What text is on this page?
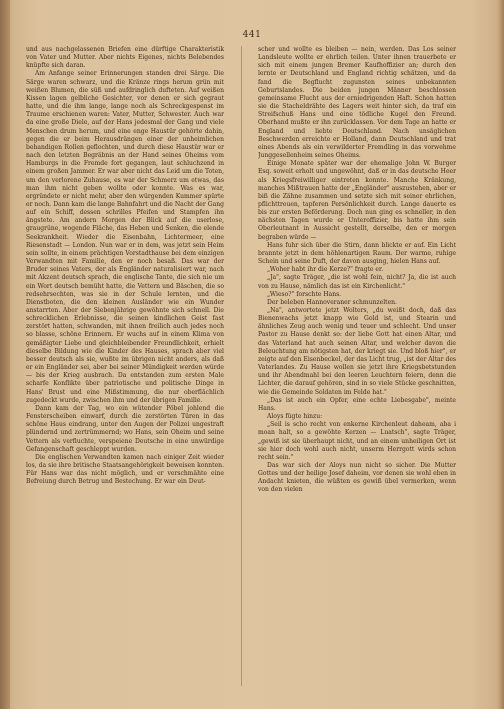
441

und aus nachgelassenen Briefen eine dürftige Charakteristik von Vater und Mutter. Aber nichts Eigenes, nichts Belebendes knüpfte sich daran.

Am Anfange seiner Erinnerungen standen drei Särge. Die Särge waren schwarz, und die Kränze rings herum grün mit weißen Blumen, die süß und aufdringlich dufteten. Auf weißen Kissen lagen gelbliche Gesichter, vor denen er sich gegraut hatte, und die ihm lange, lange noch als Schreckgespenst im Traume erschienen waren: Vater, Mutter, Schwester. Auch war da eine große Diele, auf der Hans jedesmal der Gang und viele Menschen drum herum, und eine enge Haustür gehörte dahin, gegen die er beim Herausdrängen einer der unheimlichen behandigen Rollen geflochten, und durch diese Haustür war er nach den letzten Begräbnis an der Hand seines Oheims vom Hamburgs in die Fremde fort gegangen, laut schluchzend in einem großen Jammer. Er war aber nicht das Leid um die Toten, um den verlorene Zuhause, es war der Schmerz um etwas, das man ihm nicht geben wollte oder konnte. Was es war, ergründete er nicht mehr, aber den würgenden Kummer spürte er noch. Dann kam die lange Bahnfahrt und die Nacht der Gang auf ein Schiff, dessen schrilles Pfeifen und Stampfen ihn ängstete. Am andern Morgen der Blick auf die userlose, graugrüne, wogende Fläche, das Heben und Senken, die elende Seekrankheit. Wieder die Eisenbahn, Lichtermeer, eine Riesenstadt — London. Nun war er in dem, was jetzt sein Heim sein sollte, in einem prächtigen Vorstadthause bei dem einzigen Verwandten mit Familie, den er noch besaß. Das war der Bruder seines Vaters, der als Engländer naturalisiert war, nach mit Akzent deutsch sprach, die englische Tante, die sich nie um ein Wort deutsch bemüht hatte, die Vettern und Bäschen, die so redsehrsechten, was sie in der Schule lernten, und die Dienstboten, die den kleinen Ausländer wie ein Wunder anstarrten. Aber der Siebenjährige gewöhnte sich schnell. Die schrecklichen Erlebnisse, die seinen kindlichen Geist fast zerstört hatten, schwanden, mit ihnen freilich auch jedes noch so blasse, schöne Erinnern. Er wuchs auf in einem Klima von gemäßigter Liebe und gleichbleibender Freundlichkeit, erhielt dieselbe Bildung wie die Kinder des Hauses, sprach aber viel besser deutsch als sie, wußte im übrigen nicht anders, als daß er ein Engländer sei, aber bei seiner Mündigkeit werden würde — bis der Krieg ausbrach. Da entstanden zum ersten Male scharfe Konflikte über patriotische und politische Dinge in Hans' Brust und eine Mißstimmung, die nur oberflächlich zugedeckt wurde, zwischen ihm und der übrigen Familie.

Dann kam der Tag, wo ein wütender Pöbel johlend die Fensterscheiben einwarf, durch die zerstörten Türen in das schöne Haus eindrang, unter den Augen der Polizei ungestraft plündernd und zertrümmernd; wo Hans, sein Oheim und seine Vettern als verfluchte, verspeiene Deutsche in eine unwürdige Gefangenschaft geschleppt wurden.

Die englischen Verwandten kamen nach einiger Zeit wieder los, da sie ihre britische Staatsangehörigkeit beweisen konnten. Für Hans war das nicht möglich, und er verschmähte eine Befreiung durch Betrug und Bestechung. Er war ein Deut-

scher und wollte es bleiben — nein, werden. Das Los seiner Landsleute wollte er ehrlich teilen. Unter ihnen trauerbete er sich mit einem jungen Bremer Kaufhoffizier an; durch den lernte er Deutschland und England richtig schätzen, und da fand die Begflucht zugunsten seines unbekannten Geburtslandes. Die beiden jungen Männer beschlossen gemeinsame Flucht aus der erniedrigenden Haft. Schon hatten sie die Stacheldrähte des Lagers weit hinter sich, da traf ein Streifschuß Hans und eine tödliche Kugel den Freund. Oberhand mußte er ihn zurücklassen. Vor dem Tage an hatte er England und liebte Deutschland. Nach unsäglichen Beschwerden erreichte er Holland, dann Deutschland und trat eines Abends als ein verwilderter Fremdling in das vorwehme Junggesellenheim seines Oheims.

Einige Monate später war der ehemalige John W. Burger Esq. soweit erholt und ungewöhnt, daß er in das deutsche Heer als Kriegsfreiwilliger eintreten konnte. Manche Kränkung, manches Mißtrauen hatte der „Engländer" auszustehen, aber er biß die Zähne zusammen und setzte sich mit seiner ehrlichen, pflichttreuen, tapferen Persönlichkeit durch. Lange dauerte es bis zur ersten Beförderung. Doch nun ging es schneller, in den nächsten Tagen wurde er Unteroffizier, bis hatte ihm sein Oberleutnant in Aussicht gestellt, derselbe, den er morgen begraben würde —

Hans fuhr sich über die Stirn, dann blickte er auf. Ein Licht brannte jetzt in dem höhlenartigen Raum. Der warme, ruhige Schein und seine Duft, der davon ausging, hielen Hans auf.

„Woher habt ihr die Kerze?" fragte er.

„Ja", sagte Träger, „die ist wohl fein, nicht? Ja, die ist auch von zu Hause, nämlich das ist ein Kirchenlicht."

„Wieso?" forschte Hans.

Der beleben Hannoveraner schmunzelten.

„Na", antwortete jetzt Wolters, „du weißt doch, daß das Bienenwachs jetzt knapp wie Gold ist, und Stearin und ähnliches Zeug auch wenig und teuer und schlecht. Und unser Pastor zu Hause denkt so: der liebe Gott hat einen Altar, und das Vaterland hat auch seinen Altar, und welcher davon die Beleuchtung am nötigsten hat, der kriegt sie. Und bloß hier", er zeigte auf den Eisenbeckel, der das Licht trug, „ist der Altar des Vaterlandes. Zu Hause wollen sie jetzt ihre Kriegsbetstunden und ihr Abendmahl bei den leeren Leuchtern feiern, denn die Lichter, die darauf gehören, sind in so viele Stücke geschnitten, wie die Gemeinde Soldaten im Felde hat."

„Das ist auch ein Opfer, eine echte Liebesgabe", meinte Hans.

Aloys fügte hinzu:

„Seil is scho recht von enkerne Kirchenleut daheam, aba i moan halt, so a gewöhte Kerzen — Luatsch", sagte Träger, „gewiß ist sie überhaupt nicht, und an einem unheiligen Ort ist sie hier doch wohl auch nicht, unserm Herrgott wirds schon recht sein."

Das war sich der Aloys nun nicht so sicher. Die Mutter Gottes und der heilige Josef daheim, vor denen sie wohl eben in Andacht knieten, die wüßten es gewiß übel vermerken, wenn von den vielen
